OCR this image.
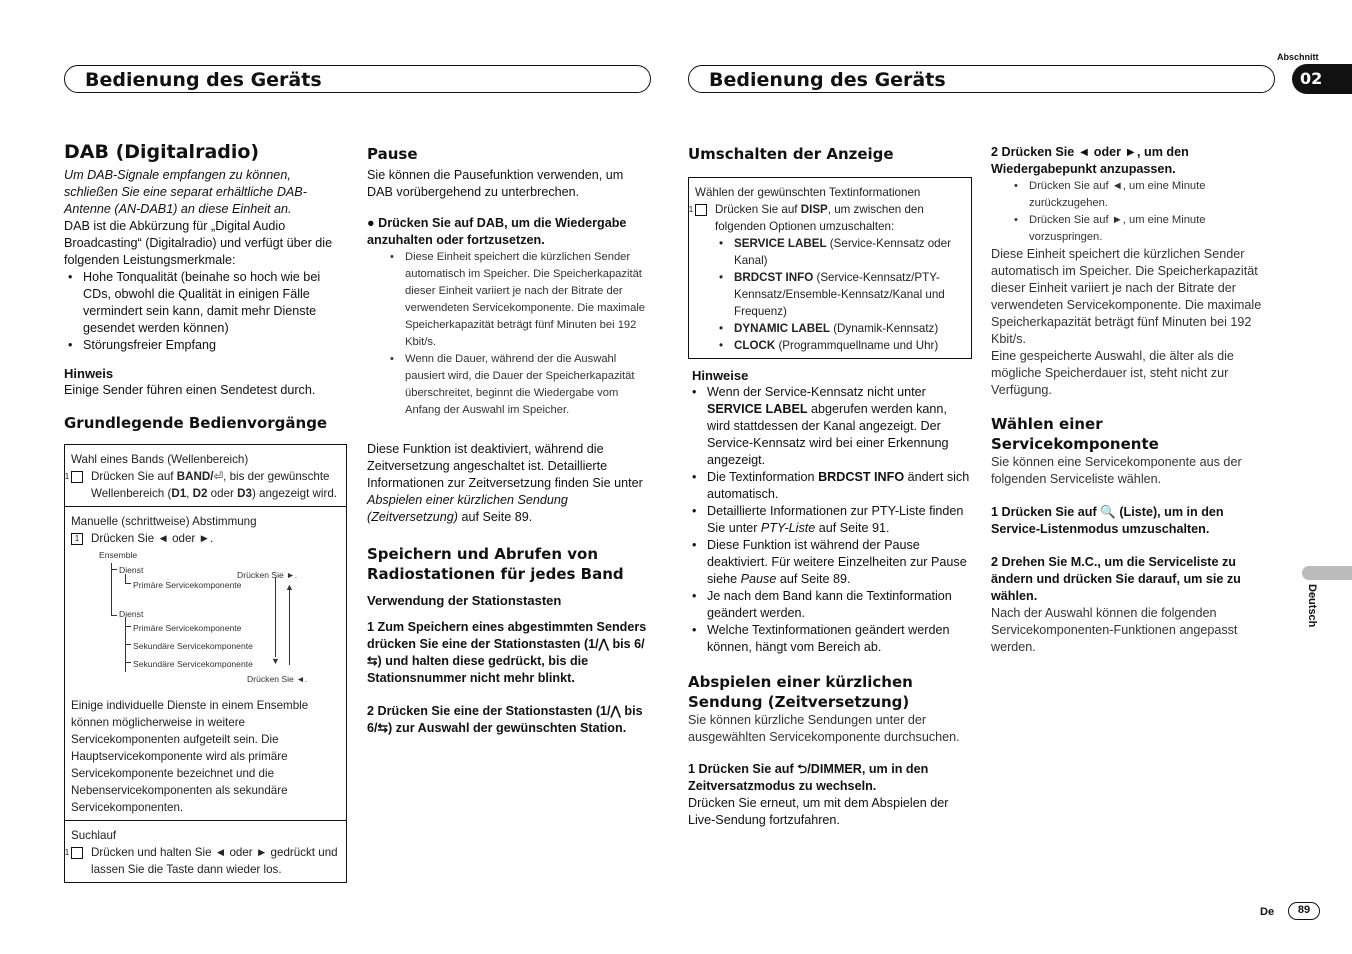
Bedienung des Geräts	Bedienung des Geräts
Abschnitt
02
Deutsch
DAB (Digitalradio)

Um DAB-Signale empfangen zu können, schließen Sie eine separat erhältliche DAB-Antenne (AN-DAB1) an diese Einheit an.

DAB ist die Abkürzung für „Digital Audio Broadcasting“ (Digitalradio) und verfügt über die folgenden Leistungsmerkmale:

• Hohe Tonqualität (beinahe so hoch wie bei CDs, obwohl die Qualität in einigen Fälle vermindert sein kann, damit mehr Dienste gesendet werden können)
• Störungsfreier Empfang
Hinweis

Einige Sender führen einen Sendetest durch.

Grundlegende Bedienvorgänge
Wahl eines Bands (Wellenbereich)
1 Drücken Sie auf BAND/⏎, bis der gewünschte Wellenbereich (D1, D2 oder D3) angezeigt wird.
Manuelle (schrittweise) Abstimmung
1 Drücken Sie ◄ oder ►.
Ensemble
Dienst
Primäre Servicekomponente
Drücken Sie ►.
Dienst
Primäre Servicekomponente
Sekundäre Servicekomponente
Sekundäre Servicekomponente
▲
▼
Drücken Sie ◄.

Einige individuelle Dienste in einem Ensemble können möglicherweise in weitere Servicekomponenten aufgeteilt sein. Die Hauptservicekomponente wird als primäre Servicekomponente bezeichnet und die Nebenservicekomponenten als sekundäre Servicekomponenten.

Suchlauf
1 Drücken und halten Sie ◄ oder ► gedrückt und lassen Sie die Taste dann wieder los.
Pause

Sie können die Pausefunktion verwenden, um DAB vorübergehend zu unterbrechen.

● Drücken Sie auf DAB, um die Wiedergabe anzuhalten oder fortzusetzen.

• Diese Einheit speichert die kürzlichen Sender automatisch im Speicher. Die Speicherkapazität dieser Einheit variiert je nach der Bitrate der verwendeten Servicekomponente. Die maximale Speicherkapazität beträgt fünf Minuten bei 192 Kbit/s.
• Wenn die Dauer, während der die Auswahl pausiert wird, die Dauer der Speicherkapazität überschreitet, beginnt die Wiedergabe vom Anfang der Auswahl im Speicher.

Diese Funktion ist deaktiviert, während die Zeitversetzung angeschaltet ist. Detaillierte Informationen zur Zeitversetzung finden Sie unter Abspielen einer kürzlichen Sendung (Zeitversetzung) auf Seite 89.

Speichern und Abrufen von Radiostationen für jedes Band
Verwendung der Stationstasten

1 Zum Speichern eines abgestimmten Senders drücken Sie eine der Stationstasten (1/⋀ bis 6/⇆) und halten diese gedrückt, bis die Stationsnummer nicht mehr blinkt.

2 Drücken Sie eine der Stationstasten (1/⋀ bis 6/⇆) zur Auswahl der gewünschten Station.

Umschalten der Anzeige
Wählen der gewünschten Textinformationen
1 Drücken Sie auf DISP, um zwischen den folgenden Optionen umzuschalten:
• SERVICE LABEL (Service-Kennsatz oder Kanal)
• BRDCST INFO (Service-Kennsatz/PTY-Kennsatz/Ensemble-Kennsatz/Kanal und Frequenz)
• DYNAMIC LABEL (Dynamik-Kennsatz)
• CLOCK (Programmquellname und Uhr)
Hinweise
• Wenn der Service-Kennsatz nicht unter SERVICE LABEL abgerufen werden kann, wird stattdessen der Kanal angezeigt. Der Service-Kennsatz wird bei einer Erkennung angezeigt.
• Die Textinformation BRDCST INFO ändert sich automatisch.
• Detaillierte Informationen zur PTY-Liste finden Sie unter PTY-Liste auf Seite 91.
• Diese Funktion ist während der Pause deaktiviert. Für weitere Einzelheiten zur Pause siehe Pause auf Seite 89.
• Je nach dem Band kann die Textinformation geändert werden.
• Welche Textinformationen geändert werden können, hängt vom Bereich ab.
Abspielen einer kürzlichen Sendung (Zeitversetzung)

Sie können kürzliche Sendungen unter der ausgewählten Servicekomponente durchsuchen.

1 Drücken Sie auf ⮌/DIMMER, um in den Zeitversatzmodus zu wechseln.

Drücken Sie erneut, um mit dem Abspielen der Live-Sendung fortzufahren.

2 Drücken Sie ◄ oder ►, um den Wiedergabepunkt anzupassen.

• Drücken Sie auf ◄, um eine Minute zurückzugehen.
• Drücken Sie auf ►, um eine Minute vorzuspringen.

Diese Einheit speichert die kürzlichen Sender automatisch im Speicher. Die Speicherkapazität dieser Einheit variiert je nach der Bitrate der verwendeten Servicekomponente. Die maximale Speicherkapazität beträgt fünf Minuten bei 192 Kbit/s.

Eine gespeicherte Auswahl, die älter als die mögliche Speicherdauer ist, steht nicht zur Verfügung.

Wählen einer Servicekomponente

Sie können eine Servicekomponente aus der folgenden Serviceliste wählen.

1 Drücken Sie auf 🔍 (Liste), um in den Service-Listenmodus umzuschalten.

2 Drehen Sie M.C., um die Serviceliste zu ändern und drücken Sie darauf, um sie zu wählen.

Nach der Auswahl können die folgenden Servicekomponenten-Funktionen angepasst werden.

De	89
